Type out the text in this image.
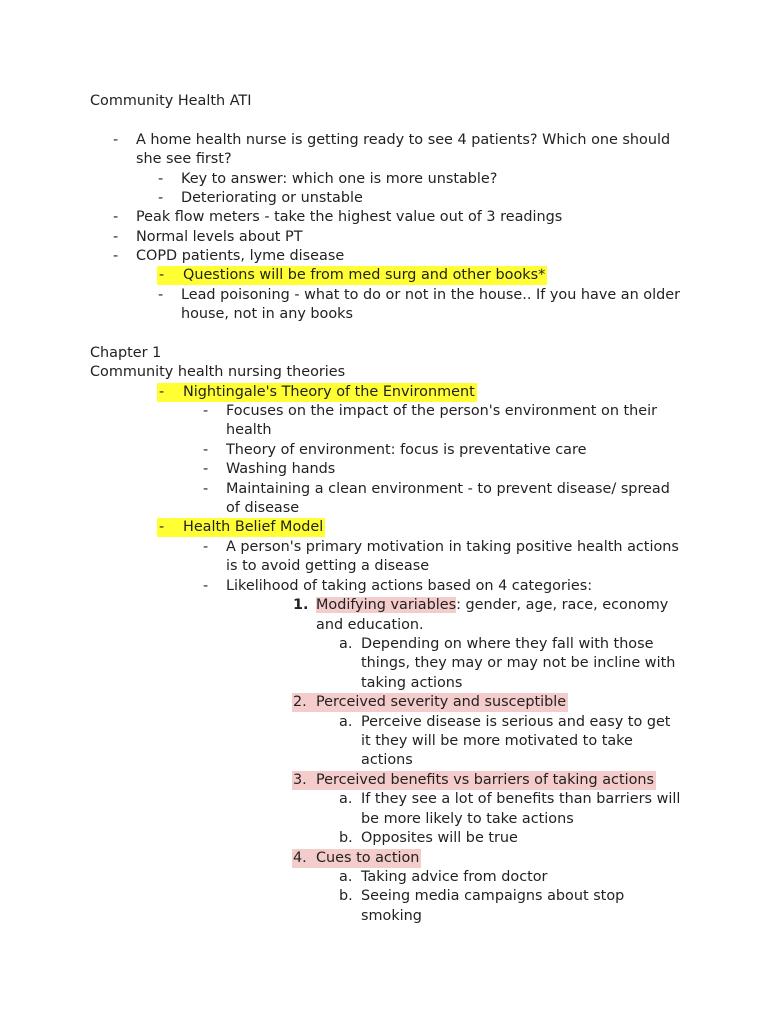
Community Health ATI
- A home health nurse is getting ready to see 4 patients? Which one should
she see first?
- Key to answer: which one is more unstable?
- Deteriorating or unstable
- Peak flow meters - take the highest value out of 3 readings
- Normal levels about PT
- COPD patients, lyme disease
- Questions will be from med surg and other books*
- Lead poisoning - what to do or not in the house.. If you have an older
house, not in any books
Chapter 1
Community health nursing theories
- Nightingale's Theory of the Environment
- Focuses on the impact of the person's environment on their
health
- Theory of environment: focus is preventative care
- Washing hands
- Maintaining a clean environment - to prevent disease/ spread
of disease
- Health Belief Model
- A person's primary motivation in taking positive health actions
is to avoid getting a disease
- Likelihood of taking actions based on 4 categories:
1. Modifying variables: gender, age, race, economy
and education.
a. Depending on where they fall with those
things, they may or may not be incline with
taking actions
2. Perceived severity and susceptible
a. Perceive disease is serious and easy to get
it they will be more motivated to take
actions
3. Perceived benefits vs barriers of taking actions
a. If they see a lot of benefits than barriers will
be more likely to take actions
b. Opposites will be true
4. Cues to action
a. Taking advice from doctor
b. Seeing media campaigns about stop
smoking
